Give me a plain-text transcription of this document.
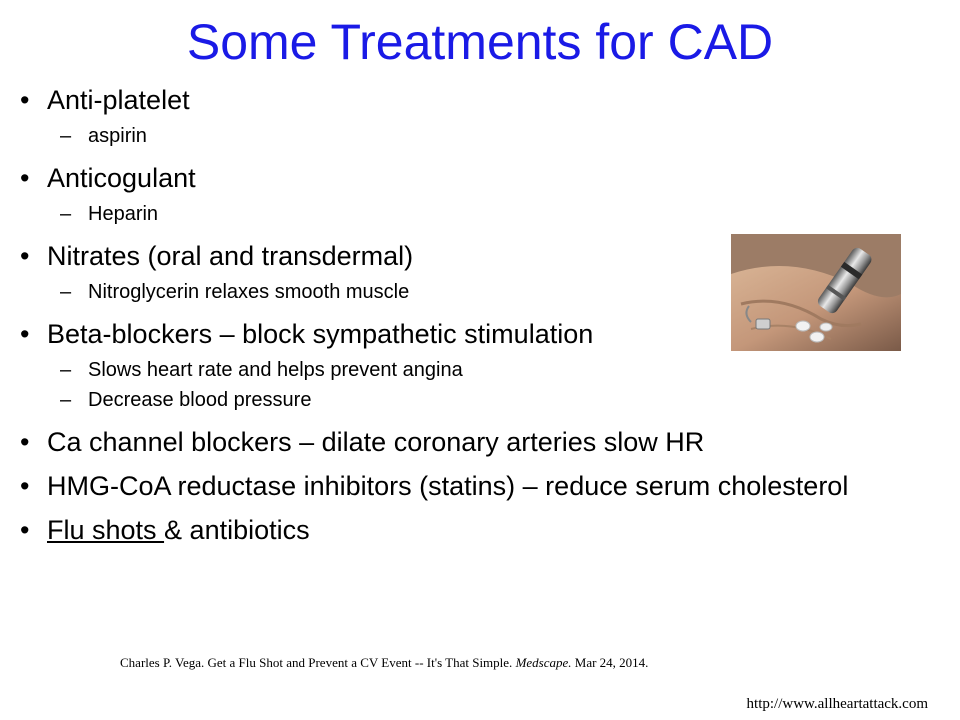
Some Treatments for CAD
• Anti-platelet
– aspirin
• Anticogulant
– Heparin
• Nitrates (oral and transdermal)
– Nitroglycerin relaxes smooth muscle
• Beta-blockers – block sympathetic stimulation
– Slows heart rate and helps prevent angina
– Decrease blood pressure
• Ca channel blockers – dilate coronary arteries slow HR
• HMG-CoA reductase inhibitors (statins) – reduce serum cholesterol
• Flu shots & antibiotics
Charles P. Vega. Get a Flu Shot and Prevent a CV Event -- It's That Simple. Medscape. Mar 24, 2014.
http://www.allheartattack.com
